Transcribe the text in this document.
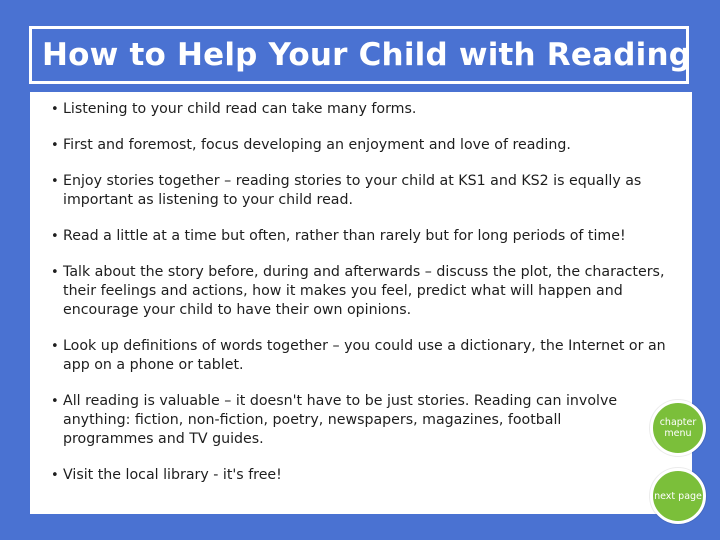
How to Help Your Child with Reading
• Listening to your child read can take many forms.
• First and foremost, focus developing an enjoyment and love of reading.
• Enjoy stories together – reading stories to your child at KS1 and KS2 is equally as important as listening to your child read.
• Read a little at a time but often, rather than rarely but for long periods of time!
• Talk about the story before, during and afterwards – discuss the plot, the characters, their feelings and actions, how it makes you feel, predict what will happen and encourage your child to have their own opinions.
• Look up definitions of words together – you could use a dictionary, the Internet or an app on a phone or tablet.
• All reading is valuable – it doesn't have to be just stories. Reading can involve anything: fiction, non-fiction, poetry, newspapers, magazines, football programmes and TV guides.
• Visit the local library - it's free!
chapter menu
next page
